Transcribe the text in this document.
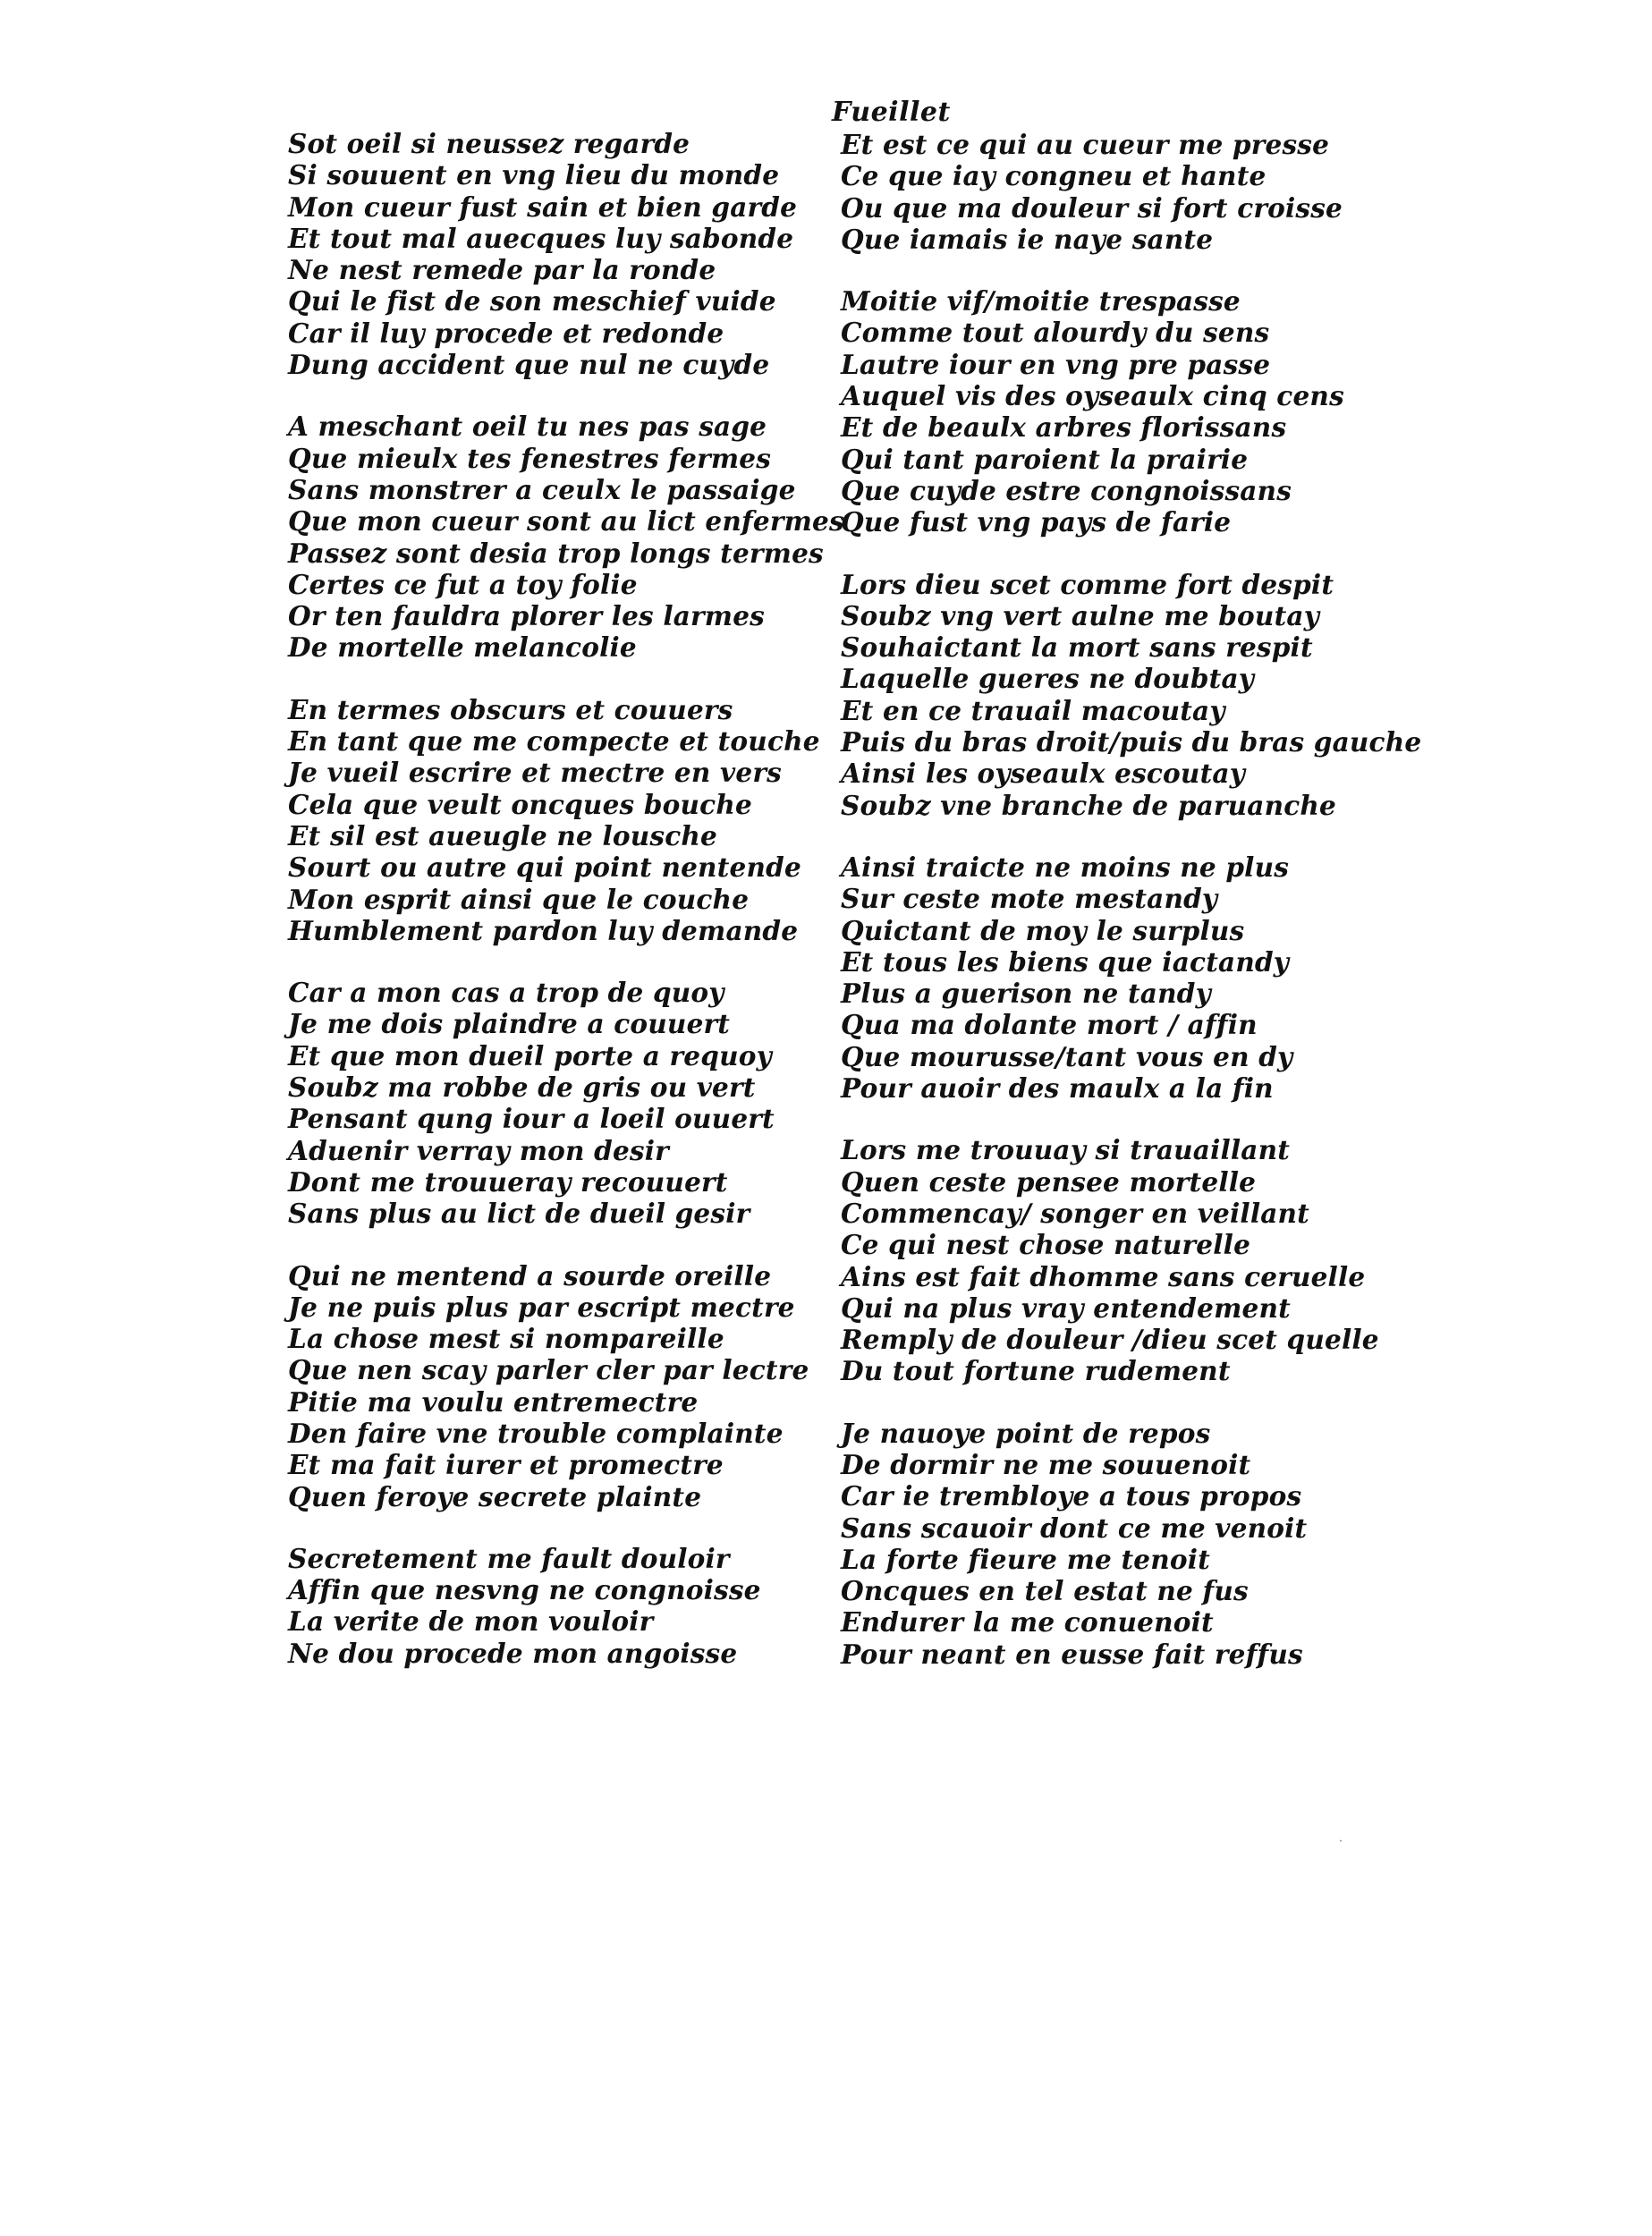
Sot oeil si neussez regarde
Si souuent en vng lieu du monde
Mon cueur fust sain et bien garde
Et tout mal auecques luy sabonde
Ne nest remede par la ronde
Qui le fist de son meschief vuide
Car il luy procede et redonde
Dung accident que nul ne cuyde
A meschant oeil tu nes pas sage
Que mieulx tes fenestres fermes
Sans monstrer a ceulx le passaige
Que mon cueur sont au lict enfermes
Passez sont desia trop longs termes
Certes ce fut a toy folie
Or ten fauldra plorer les larmes
De mortelle melancolie
En termes obscurs et couuers
En tant que me compecte et touche
Je vueil escrire et mectre en vers
Cela que veult oncques bouche
Et sil est aueugle ne lousche
Sourt ou autre qui point nentende
Mon esprit ainsi que le couche
Humblement pardon luy demande
Car a mon cas a trop de quoy
Je me dois plaindre a couuert
Et que mon dueil porte a requoy
Soubz ma robbe de gris ou vert
Pensant qung iour a loeil ouuert
Aduenir verray mon desir
Dont me trouueray recouuert
Sans plus au lict de dueil gesir
Qui ne mentend a sourde oreille
Je ne puis plus par escript mectre
La chose mest si nompareille
Que nen scay parler cler par lectre
Pitie ma voulu entremectre
Den faire vne trouble complainte
Et ma fait iurer et promectre
Quen feroye secrete plainte
Secretement me fault douloir
Affin que nesvng ne congnoisse
La verite de mon vouloir
Ne dou procede mon angoisse
Fueillet
Et est ce qui au cueur me presse
Ce que iay congneu et hante
Ou que ma douleur si fort croisse
Que iamais ie naye sante
Moitie vif/moitie trespasse
Comme tout alourdy du sens
Lautre iour en vng pre passe
Auquel vis des oyseaulx cinq cens
Et de beaulx arbres florissans
Qui tant paroient la prairie
Que cuyde estre congnoissans
Que fust vng pays de farie
Lors dieu scet comme fort despit
Soubz vng vert aulne me boutay
Souhaictant la mort sans respit
Laquelle gueres ne doubtay
Et en ce trauail macoutay
Puis du bras droit/puis du bras gauche
Ainsi les oyseaulx escoutay
Soubz vne branche de paruanche
Ainsi traicte ne moins ne plus
Sur ceste mote mestandy
Quictant de moy le surplus
Et tous les biens que iactandy
Plus a guerison ne tandy
Qua ma dolante mort / affin
Que mourusse/tant vous en dy
Pour auoir des maulx a la fin
Lors me trouuay si trauaillant
Quen ceste pensee mortelle
Commencay/ songer en veillant
Ce qui nest chose naturelle
Ains est fait dhomme sans ceruelle
Qui na plus vray entendement
Remply de douleur /dieu scet quelle
Du tout fortune rudement
Je nauoye point de repos
De dormir ne me souuenoit
Car ie trembloye a tous propos
Sans scauoir dont ce me venoit
La forte fieure me tenoit
Oncques en tel estat ne fus
Endurer la me conuenoit
Pour neant en eusse fait reffus
